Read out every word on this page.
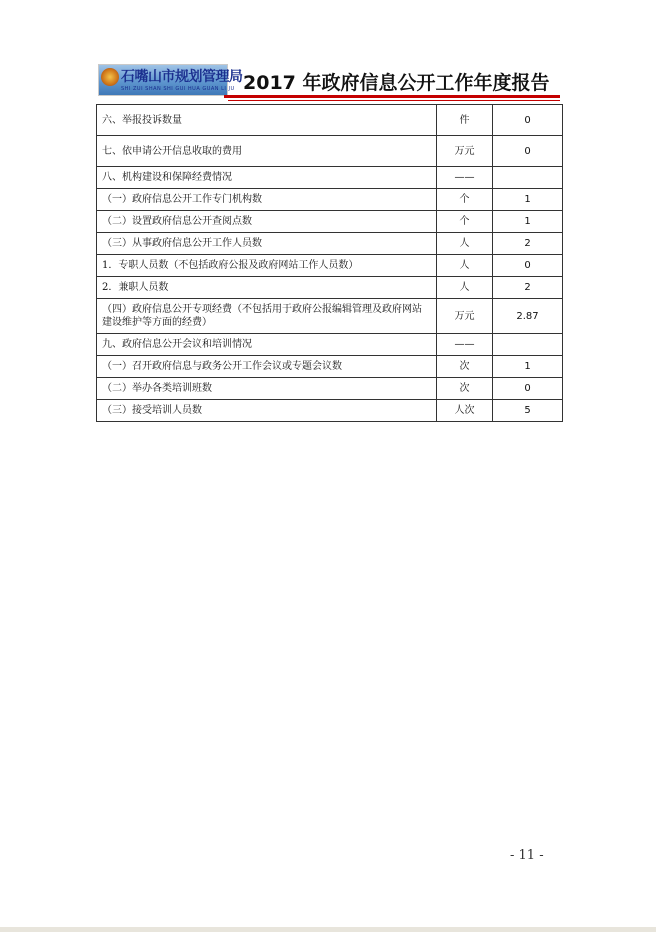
石嘴山市规划管理局
SHI ZUI SHAN SHI GUI HUA GUAN LI JU 2017 年政府信息公开工作年度报告
六、举报投诉数量	件	0
七、依申请公开信息收取的费用	万元	0
八、机构建设和保障经费情况	——	
（一）政府信息公开工作专门机构数	个	1
（二）设置政府信息公开查阅点数	个	1
（三）从事政府信息公开工作人员数	人	2
1．专职人员数（不包括政府公报及政府网站工作人员数）	人	0
2．兼职人员数	人	2
（四）政府信息公开专项经费（不包括用于政府公报编辑管理及政府网站建设维护等方面的经费）	万元	2.87
九、政府信息公开会议和培训情况	——	
（一）召开政府信息与政务公开工作会议或专题会议数	次	1
（二）举办各类培训班数	次	0
（三）接受培训人员数	人次	5
- 11 -
